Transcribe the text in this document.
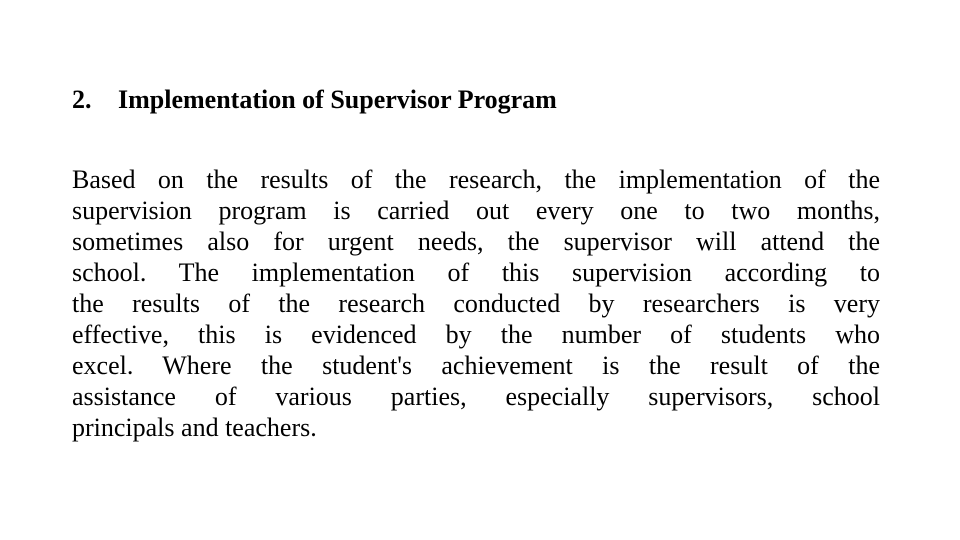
2. Implementation of Supervisor Program
Based on the results of the research, the implementation of the
supervision program is carried out every one to two months,
sometimes also for urgent needs, the supervisor will attend the
school. The implementation of this supervision according to
the results of the research conducted by researchers is very
effective, this is evidenced by the number of students who
excel. Where the student's achievement is the result of the
assistance of various parties, especially supervisors, school
principals and teachers.
